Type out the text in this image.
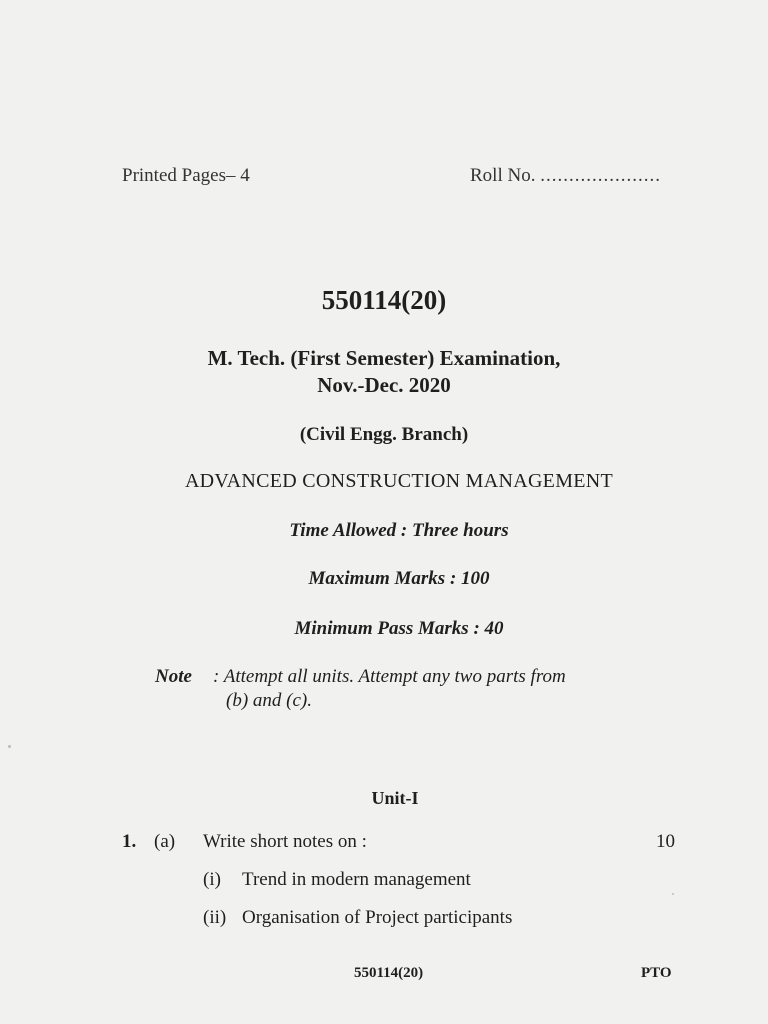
Printed Pages– 4	Roll No. .....................
550114(20)
M. Tech. (First Semester) Examination,
Nov.-Dec. 2020
(Civil Engg. Branch)
ADVANCED CONSTRUCTION MANAGEMENT
Time Allowed : Three hours
Maximum Marks : 100
Minimum Pass Marks : 40
Note : Attempt all units. Attempt any two parts from
(b) and (c).
Unit-I
1. (a) Write short notes on :	10
(i) Trend in modern management
(ii) Organisation of Project participants
550114(20)	PTO
